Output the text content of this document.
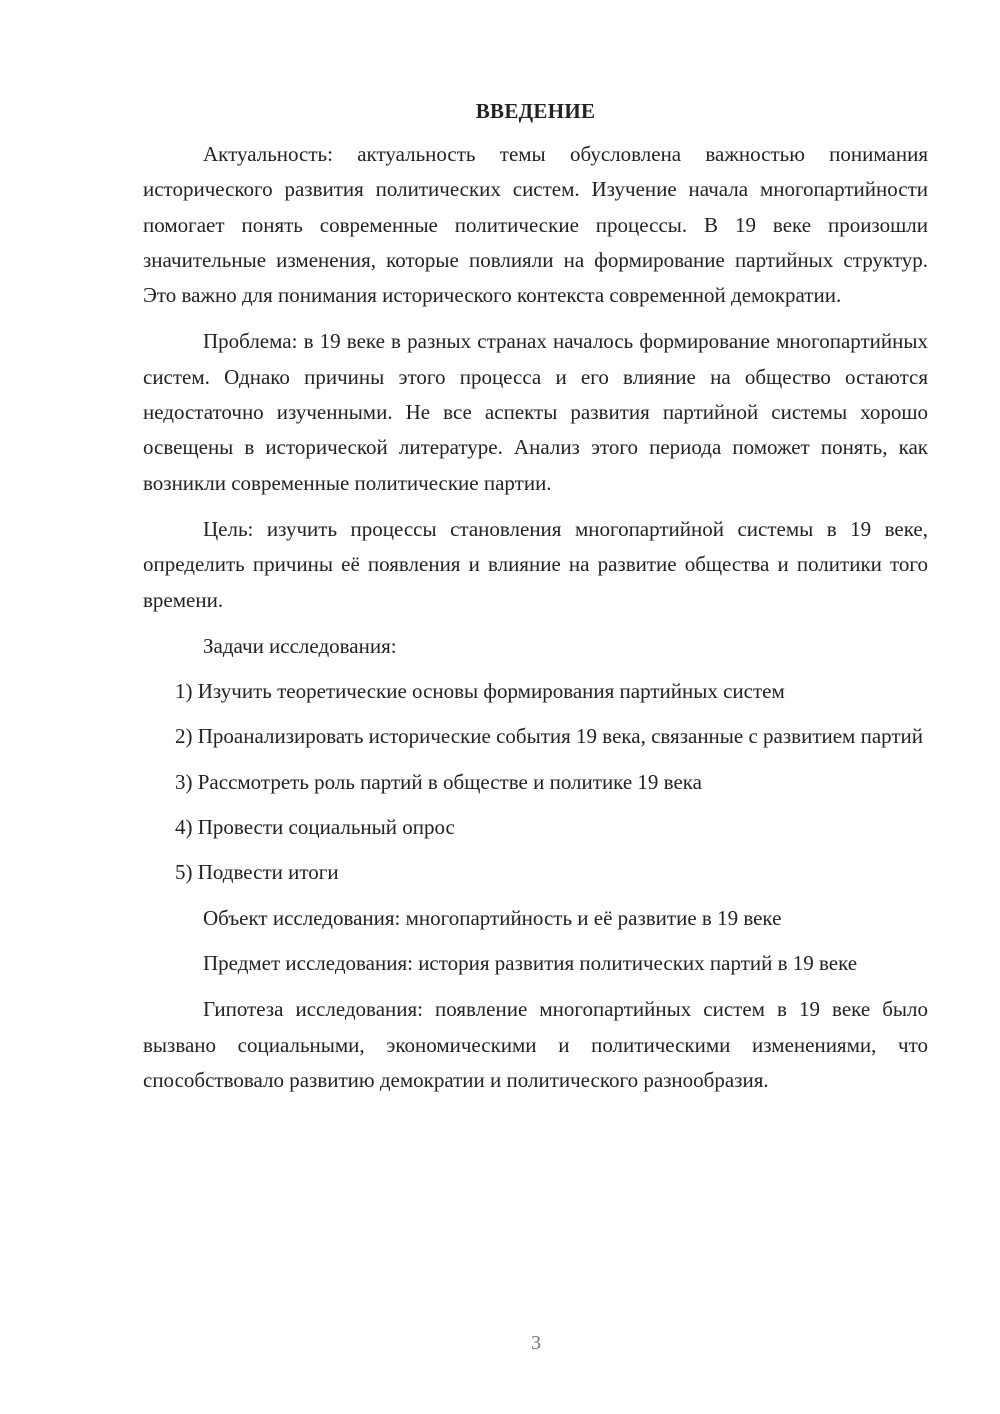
ВВЕДЕНИЕ

Актуальность: актуальность темы обусловлена важностью понимания исторического развития политических систем. Изучение начала многопартийности помогает понять современные политические процессы. В 19 веке произошли значительные изменения, которые повлияли на формирование партийных структур. Это важно для понимания исторического контекста современной демократии.

Проблема: в 19 веке в разных странах началось формирование многопартийных систем. Однако причины этого процесса и его влияние на общество остаются недостаточно изученными. Не все аспекты развития партийной системы хорошо освещены в исторической литературе. Анализ этого периода поможет понять, как возникли современные политические партии.

Цель: изучить процессы становления многопартийной системы в 19 веке, определить причины её появления и влияние на развитие общества и политики того времени.

Задачи исследования:

1) Изучить теоретические основы формирования партийных систем

2) Проанализировать исторические события 19 века, связанные с развитием партий

3) Рассмотреть роль партий в обществе и политике 19 века

4) Провести социальный опрос

5) Подвести итоги

Объект исследования: многопартийность и её развитие в 19 веке

Предмет исследования: история развития политических партий в 19 веке

Гипотеза исследования: появление многопартийных систем в 19 веке было вызвано социальными, экономическими и политическими изменениями, что способствовало развитию демократии и политического разнообразия.

3
